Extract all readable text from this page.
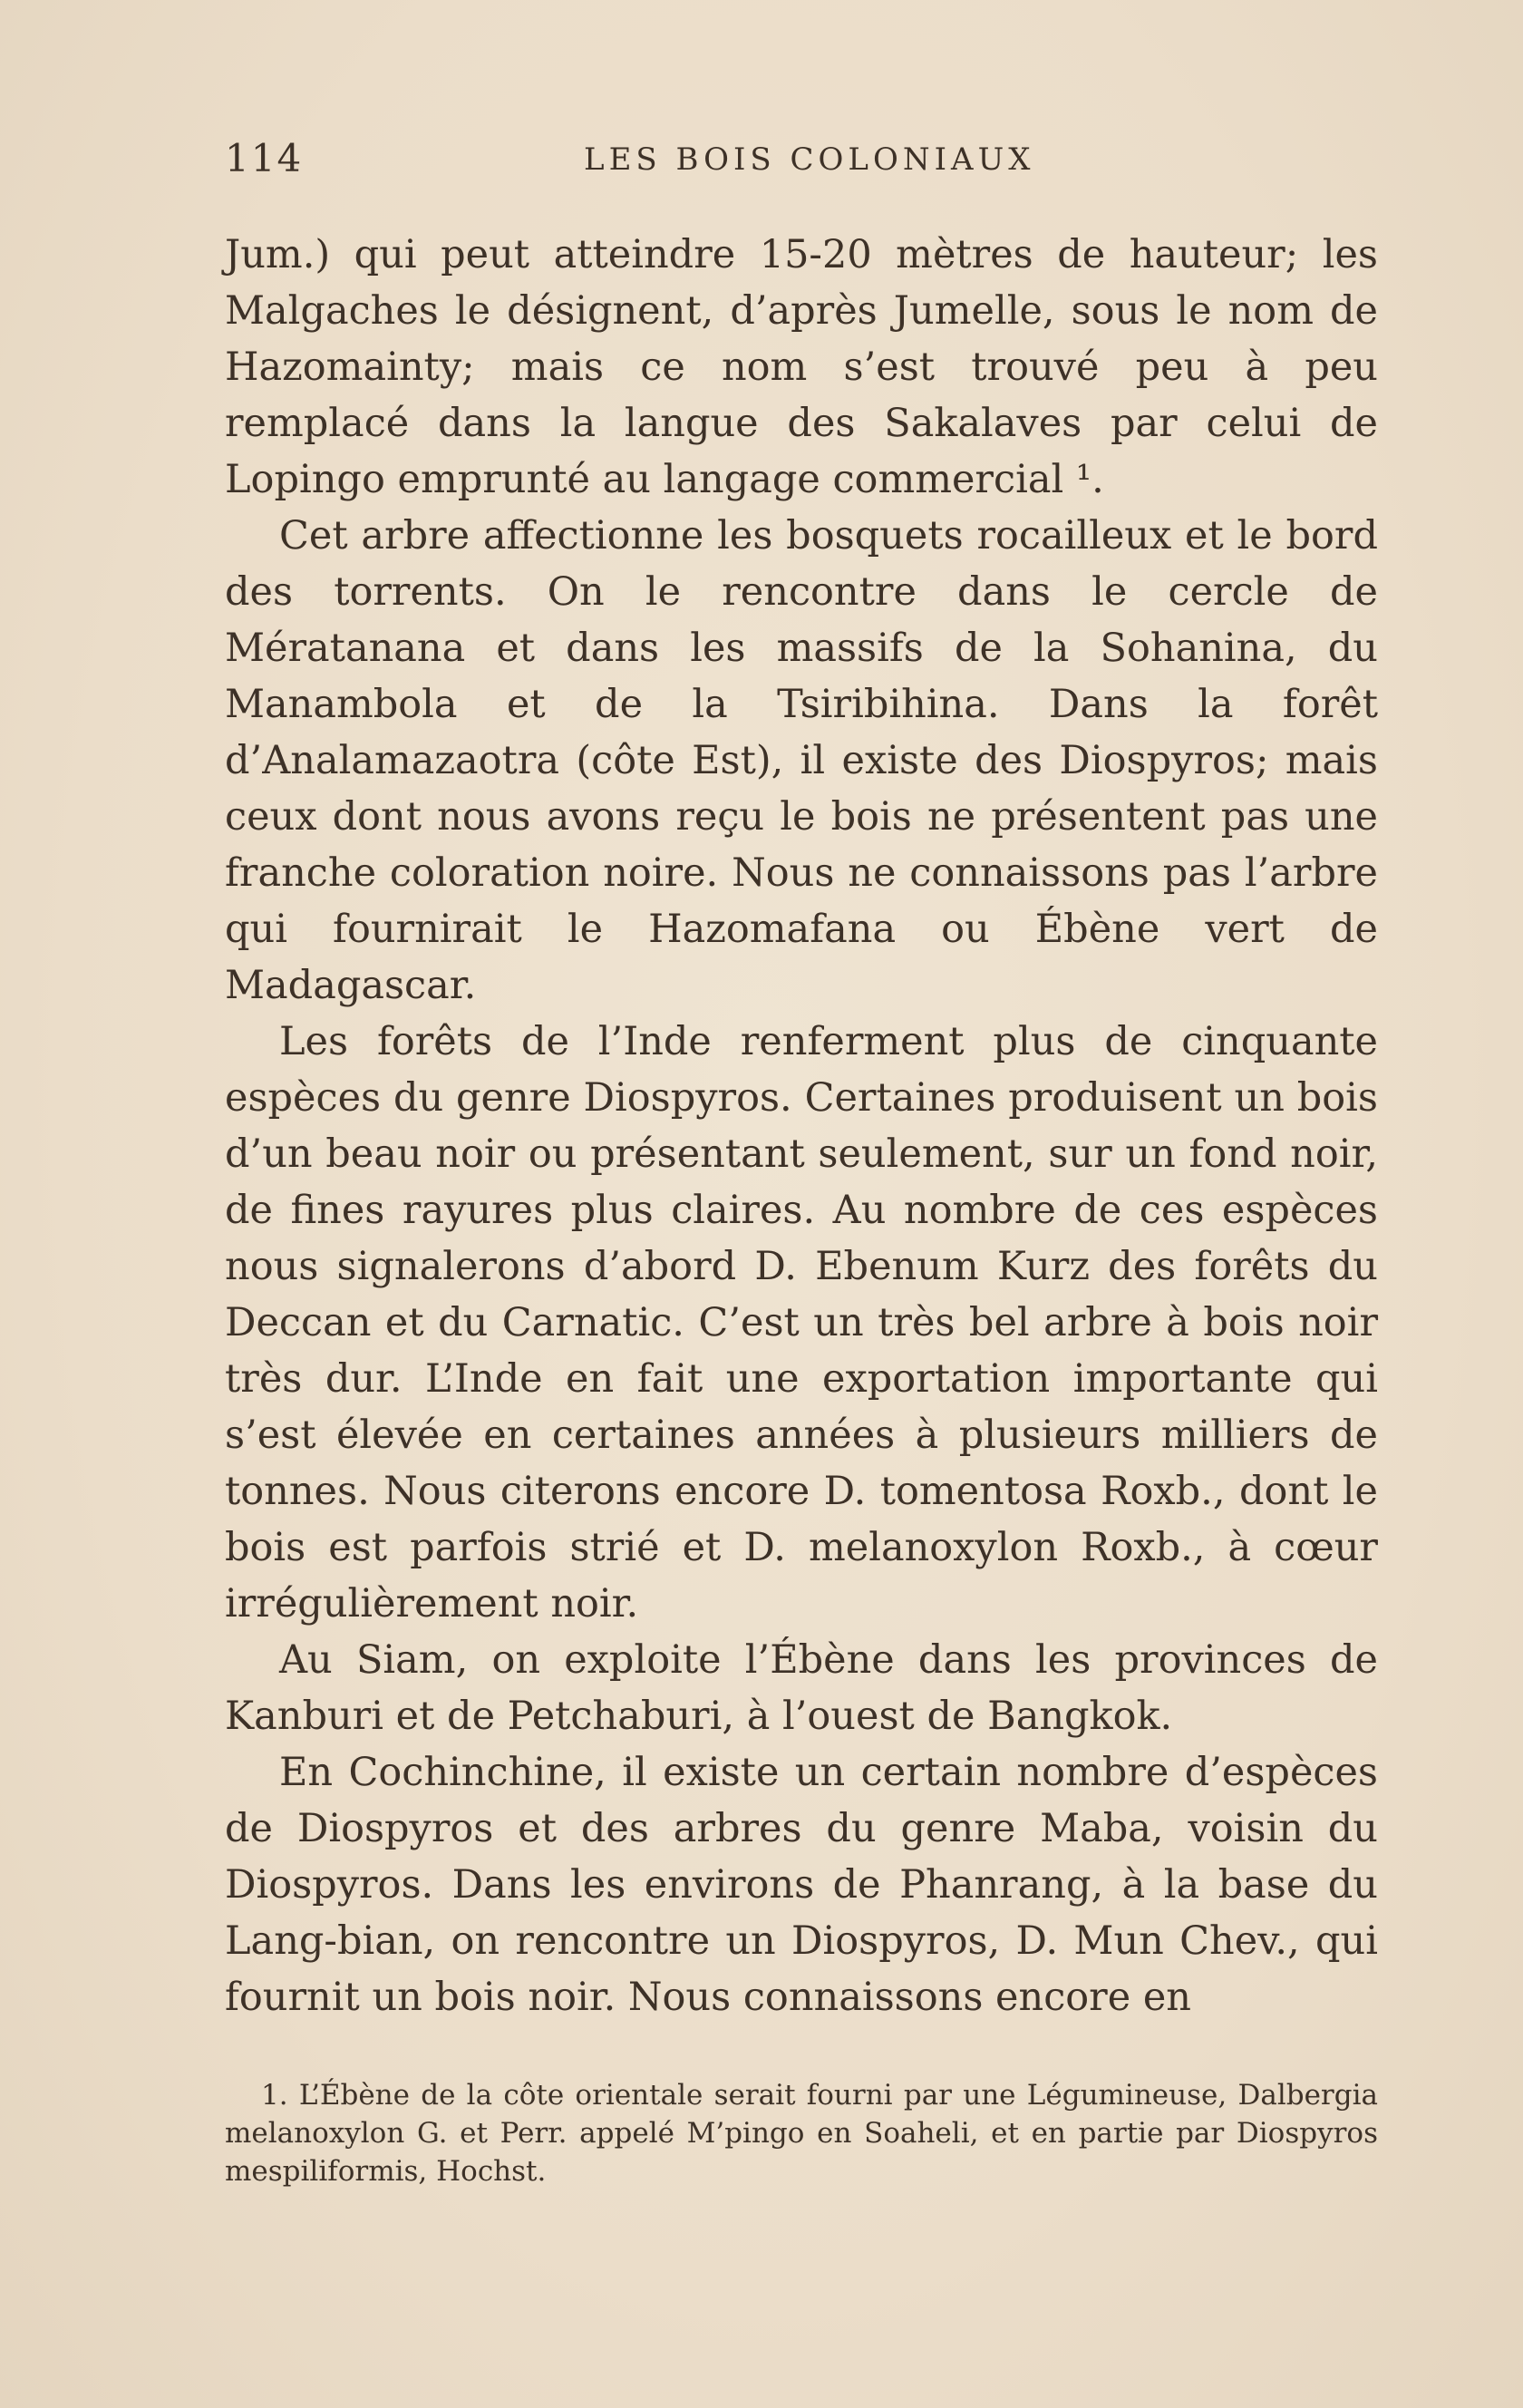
114	LES BOIS COLONIAUX

Jum.) qui peut atteindre 15-20 mètres de hauteur; les Malgaches le désignent, d’après Jumelle, sous le nom de Hazomainty; mais ce nom s’est trouvé peu à peu remplacé dans la langue des Sakalaves par celui de Lopingo emprunté au langage commercial ¹.

Cet arbre affectionne les bosquets rocailleux et le bord des torrents. On le rencontre dans le cercle de Mératanana et dans les massifs de la Sohanina, du Manambola et de la Tsiribihina. Dans la forêt d’Analamazaotra (côte Est), il existe des Diospyros; mais ceux dont nous avons reçu le bois ne présentent pas une franche coloration noire. Nous ne connaissons pas l’arbre qui fournirait le Hazomafana ou Ébène vert de Madagascar.

Les forêts de l’Inde renferment plus de cinquante espèces du genre Diospyros. Certaines produisent un bois d’un beau noir ou présentant seulement, sur un fond noir, de fines rayures plus claires. Au nombre de ces espèces nous signalerons d’abord D. Ebenum Kurz des forêts du Deccan et du Carnatic. C’est un très bel arbre à bois noir très dur. L’Inde en fait une exportation importante qui s’est élevée en certaines années à plusieurs milliers de tonnes. Nous citerons encore D. tomentosa Roxb., dont le bois est parfois strié et D. melanoxylon Roxb., à cœur irrégulièrement noir.

Au Siam, on exploite l’Ébène dans les provinces de Kanburi et de Petchaburi, à l’ouest de Bangkok.

En Cochinchine, il existe un certain nombre d’espèces de Diospyros et des arbres du genre Maba, voisin du Diospyros. Dans les environs de Phanrang, à la base du Lang-bian, on rencontre un Diospyros, D. Mun Chev., qui fournit un bois noir. Nous connaissons encore en

1. L’Ébène de la côte orientale serait fourni par une Légumineuse, Dalbergia melanoxylon G. et Perr. appelé M’pingo en Soaheli, et en partie par Diospyros mespiliformis, Hochst.
